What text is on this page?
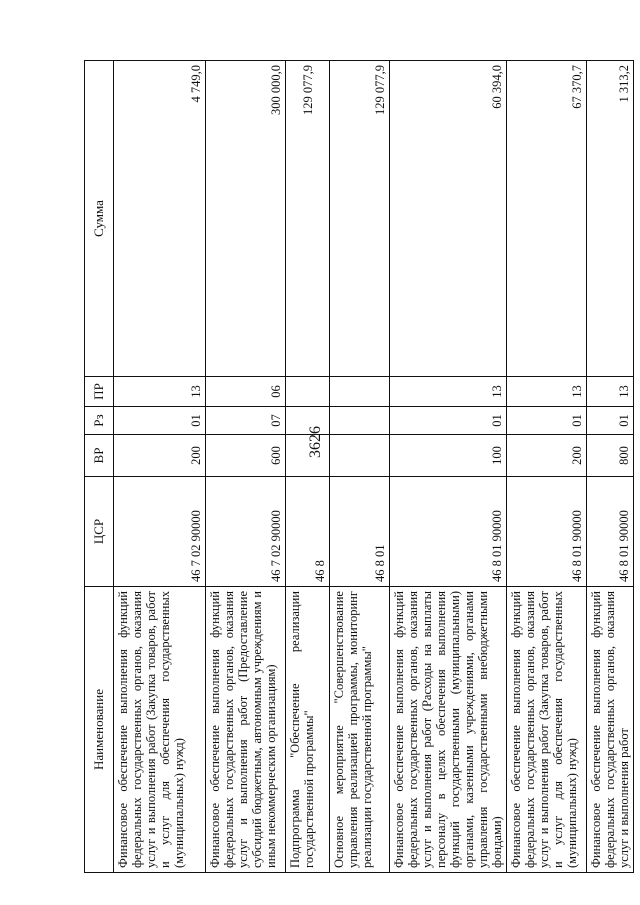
3626
Наименование	ЦСР	ВР	Рз	ПР	Сумма
Финансовое обеспечение выполнения функций федеральных государственных органов, оказания услуг и выполнения работ (Закупка товаров, работ и услуг для обеспечения государственных (муниципальных) нужд)	46 7 02 90000	200	01	13	4 749,0
Финансовое обеспечение выполнения функций федеральных государственных органов, оказания услуг и выполнения работ (Предоставление субсидий бюджетным, автономным учреждениям и иным некоммерческим организациям)	46 7 02 90000	600	07	06	300 000,0
Подпрограмма "Обеспечение реализации государственной программы"	46 8				129 077,9
Основное мероприятие "Совершенствование управления реализацией программы, мониторинг реализации государственной программы"	46 8 01				129 077,9
Финансовое обеспечение выполнения функций федеральных государственных органов, оказания услуг и выполнения работ (Расходы на выплаты персоналу в целях обеспечения выполнения функций государственными (муниципальными) органами, казенными учреждениями, органами управления государственными внебюджетными фондами)	46 8 01 90000	100	01	13	60 394,0
Финансовое обеспечение выполнения функций федеральных государственных органов, оказания услуг и выполнения работ (Закупка товаров, работ и услуг для обеспечения государственных (муниципальных) нужд)	46 8 01 90000	200	01	13	67 370,7
Финансовое обеспечение выполнения функций федеральных государственных органов, оказания услуг и выполнения работ	46 8 01 90000	800	01	13	1 313,2
